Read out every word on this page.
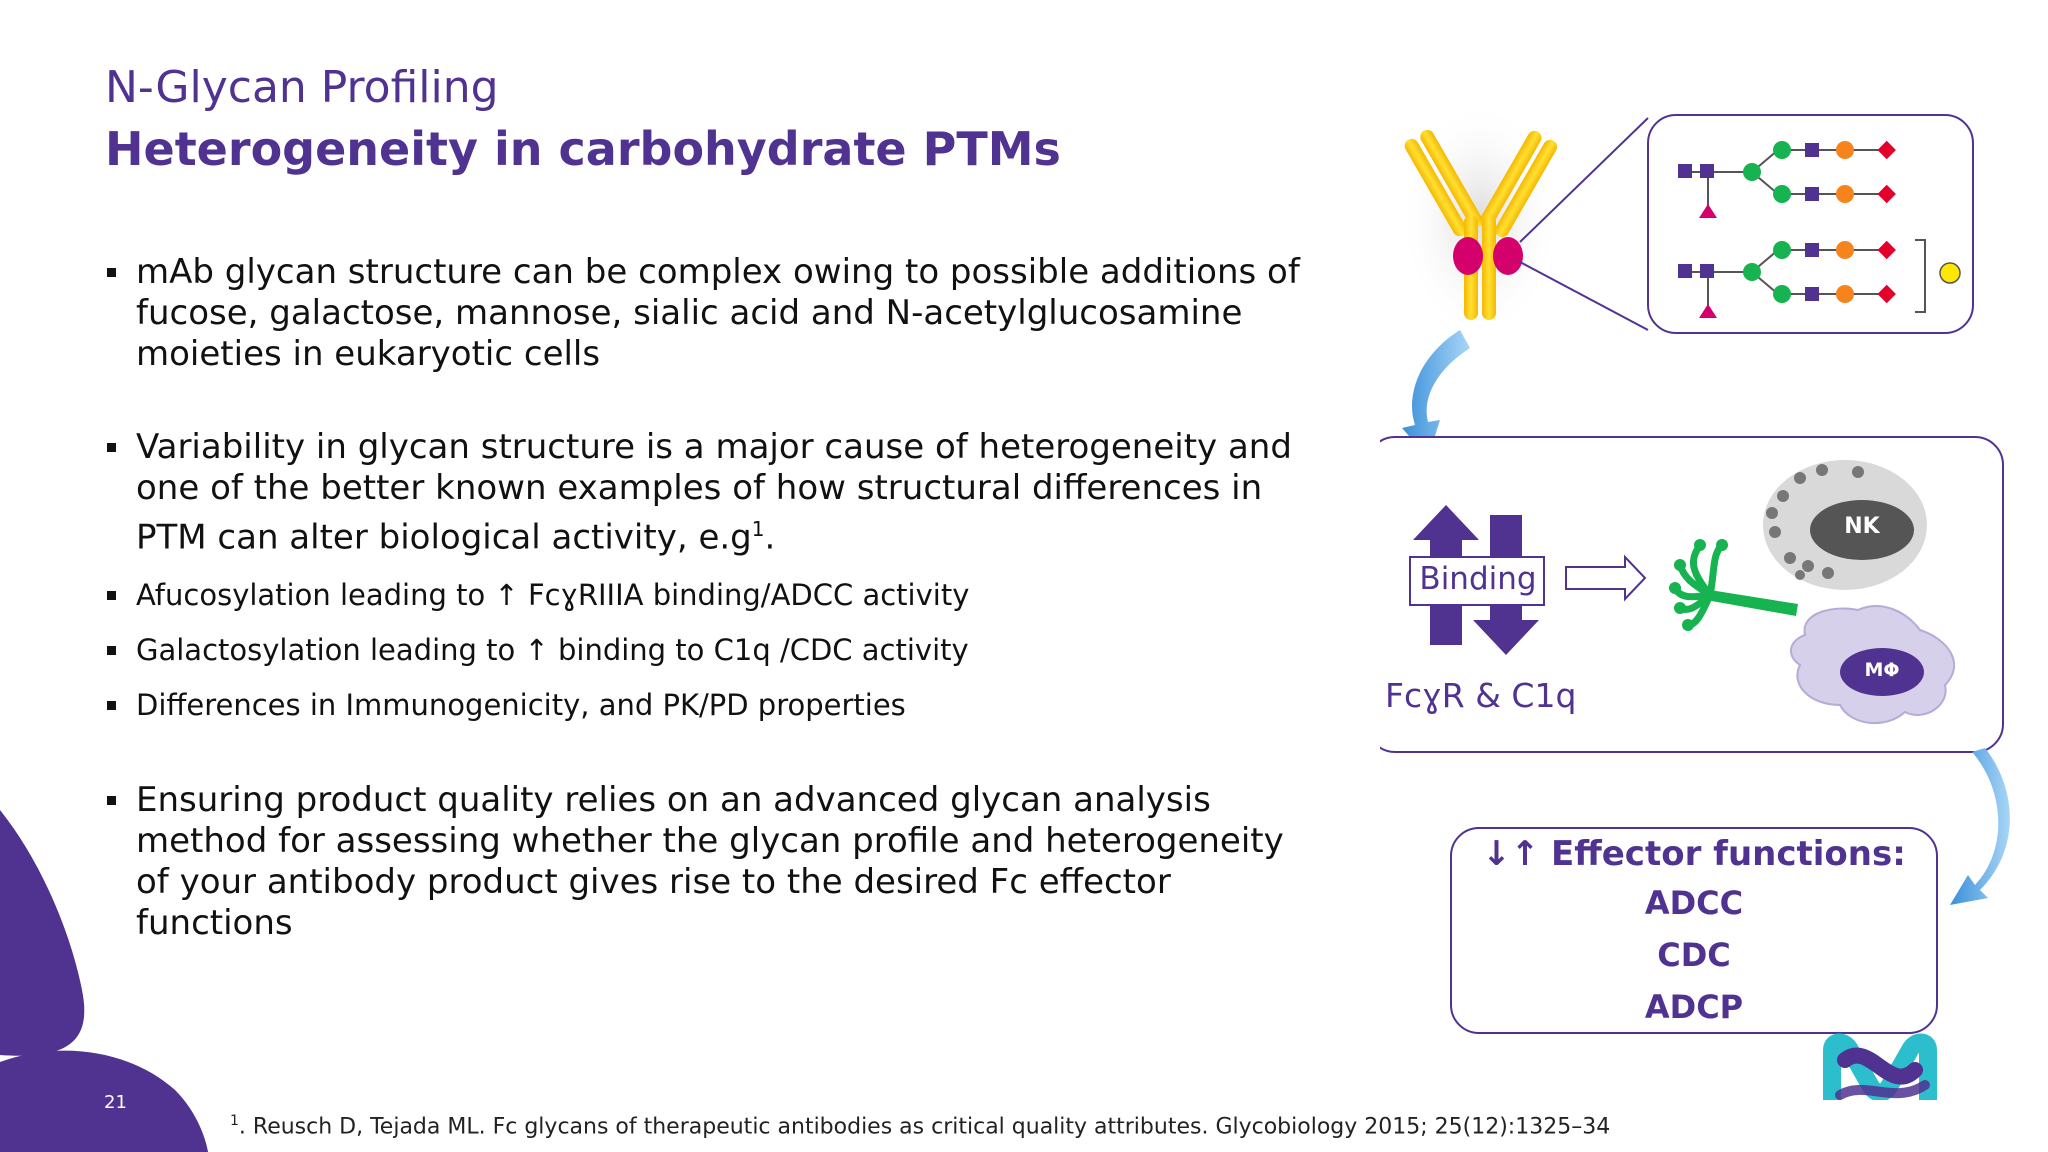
N-Glycan Profiling
Heterogeneity in carbohydrate PTMs
mAb glycan structure can be complex owing to possible additions of fucose, galactose, mannose, sialic acid and N-acetylglucosamine moieties in eukaryotic cells
Variability in glycan structure is a major cause of heterogeneity and one of the better known examples of how structural differences in PTM can alter biological activity, $e.g^1$.
Afucosylation leading to ↑ FcɣRIIIA binding/ADCC activity
Galactosylation leading to ↑ binding to C1q /CDC activity
Differences in Immunogenicity, and PK/PD properties
Ensuring product quality relies on an advanced glycan analysis method for assessing whether the glycan profile and heterogeneity of your antibody product gives rise to the desired Fc effector functions
Binding
FcɣR & C1q
NK
MΦ
↓↑ Effector functions:
ADCC
CDC
ADCP
21
$^1$. Reusch D, Tejada ML. Fc glycans of therapeutic antibodies as critical quality attributes. Glycobiology 2015; 25(12):1325–34
